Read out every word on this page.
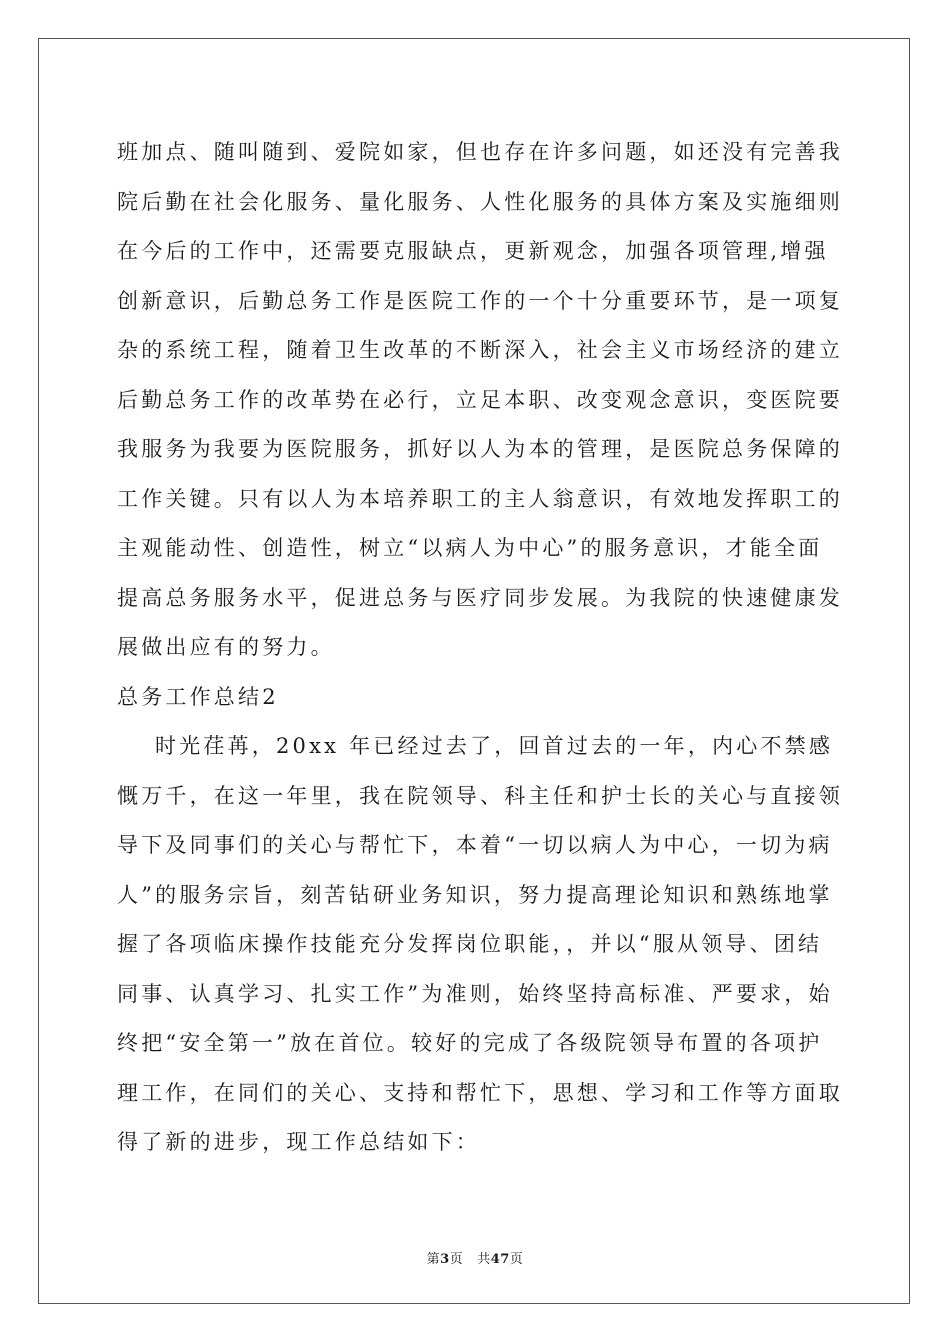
班加点、随叫随到、爱院如家，但也存在许多问题，如还没有完善我
院后勤在社会化服务、量化服务、人性化服务的具体方案及实施细则
在今后的工作中，还需要克服缺点，更新观念，加强各项管理,增强
创新意识，后勤总务工作是医院工作的一个十分重要环节，是一项复
杂的系统工程，随着卫生改革的不断深入，社会主义市场经济的建立
后勤总务工作的改革势在必行，立足本职、改变观念意识，变医院要
我服务为我要为医院服务，抓好以人为本的管理，是医院总务保障的
工作关键。只有以人为本培养职工的主人翁意识，有效地发挥职工的
主观能动性、创造性，树立“以病人为中心”的服务意识，才能全面
提高总务服务水平，促进总务与医疗同步发展。为我院的快速健康发
展做出应有的努力。
总务工作总结2
时光荏苒，20xx 年已经过去了，回首过去的一年，内心不禁感
慨万千，在这一年里，我在院领导、科主任和护士长的关心与直接领
导下及同事们的关心与帮忙下，本着“一切以病人为中心，一切为病
人”的服务宗旨，刻苦钻研业务知识，努力提高理论知识和熟练地掌
握了各项临床操作技能充分发挥岗位职能，，并以“服从领导、团结
同事、认真学习、扎实工作”为准则，始终坚持高标准、严要求，始
终把“安全第一”放在首位。较好的完成了各级院领导布置的各项护
理工作，在同们的关心、支持和帮忙下，思想、学习和工作等方面取
得了新的进步，现工作总结如下：
第3页 共47页
